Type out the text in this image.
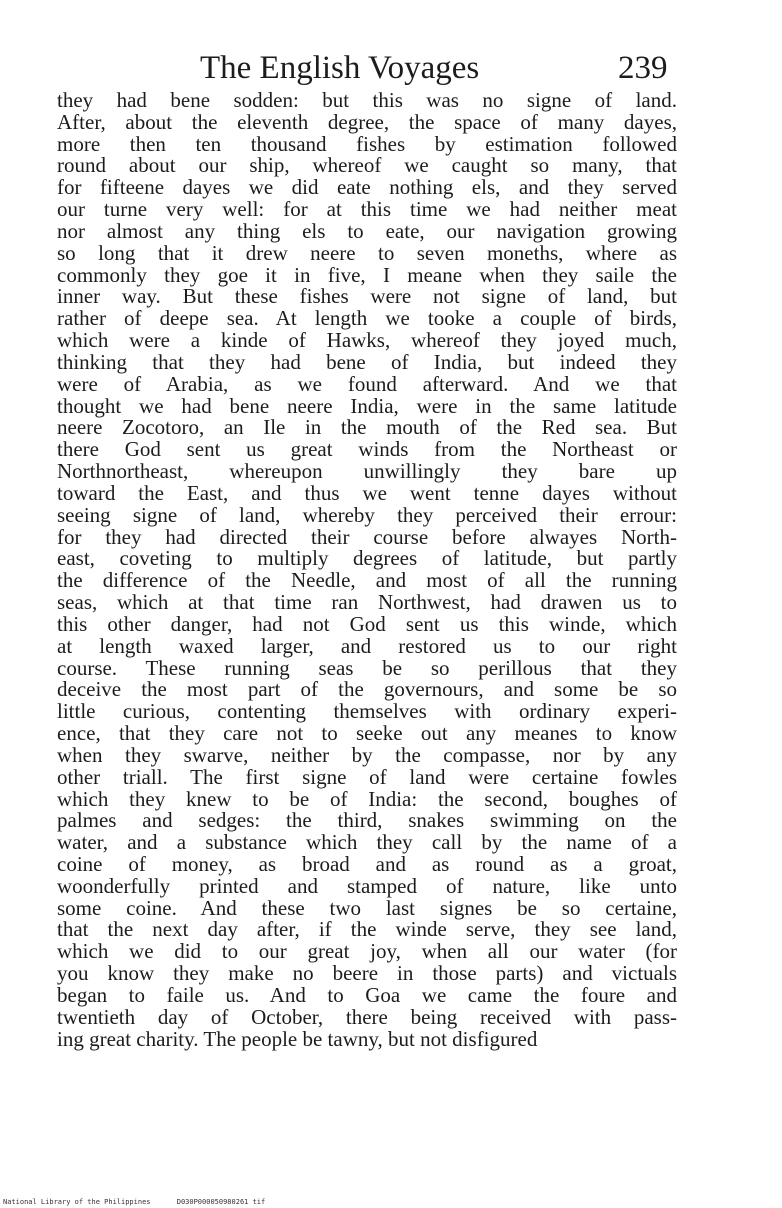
The English Voyages	239
they had bene sodden: but this was no signe of land.
After, about the eleventh degree, the space of many dayes,
more then ten thousand fishes by estimation followed
round about our ship, whereof we caught so many, that
for fifteene dayes we did eate nothing els, and they served
our turne very well: for at this time we had neither meat
nor almost any thing els to eate, our navigation growing
so long that it drew neere to seven moneths, where as
commonly they goe it in five, I meane when they saile the
inner way. But these fishes were not signe of land, but
rather of deepe sea. At length we tooke a couple of birds,
which were a kinde of Hawks, whereof they joyed much,
thinking that they had bene of India, but indeed they
were of Arabia, as we found afterward. And we that
thought we had bene neere India, were in the same latitude
neere Zocotoro, an Ile in the mouth of the Red sea. But
there God sent us great winds from the Northeast or
Northnortheast, whereupon unwillingly they bare up
toward the East, and thus we went tenne dayes without
seeing signe of land, whereby they perceived their errour:
for they had directed their course before alwayes North-
east, coveting to multiply degrees of latitude, but partly
the difference of the Needle, and most of all the running
seas, which at that time ran Northwest, had drawen us to
this other danger, had not God sent us this winde, which
at length waxed larger, and restored us to our right
course. These running seas be so perillous that they
deceive the most part of the governours, and some be so
little curious, contenting themselves with ordinary experi-
ence, that they care not to seeke out any meanes to know
when they swarve, neither by the compasse, nor by any
other triall. The first signe of land were certaine fowles
which they knew to be of India: the second, boughes of
palmes and sedges: the third, snakes swimming on the
water, and a substance which they call by the name of a
coine of money, as broad and as round as a groat,
woonderfully printed and stamped of nature, like unto
some coine. And these two last signes be so certaine,
that the next day after, if the winde serve, they see land,
which we did to our great joy, when all our water (for
you know they make no beere in those parts) and victuals
began to faile us. And to Goa we came the foure and
twentieth day of October, there being received with pass-
ing great charity. The people be tawny, but not disfigured
National Library of the Philippines	D030P000050980261 tif
